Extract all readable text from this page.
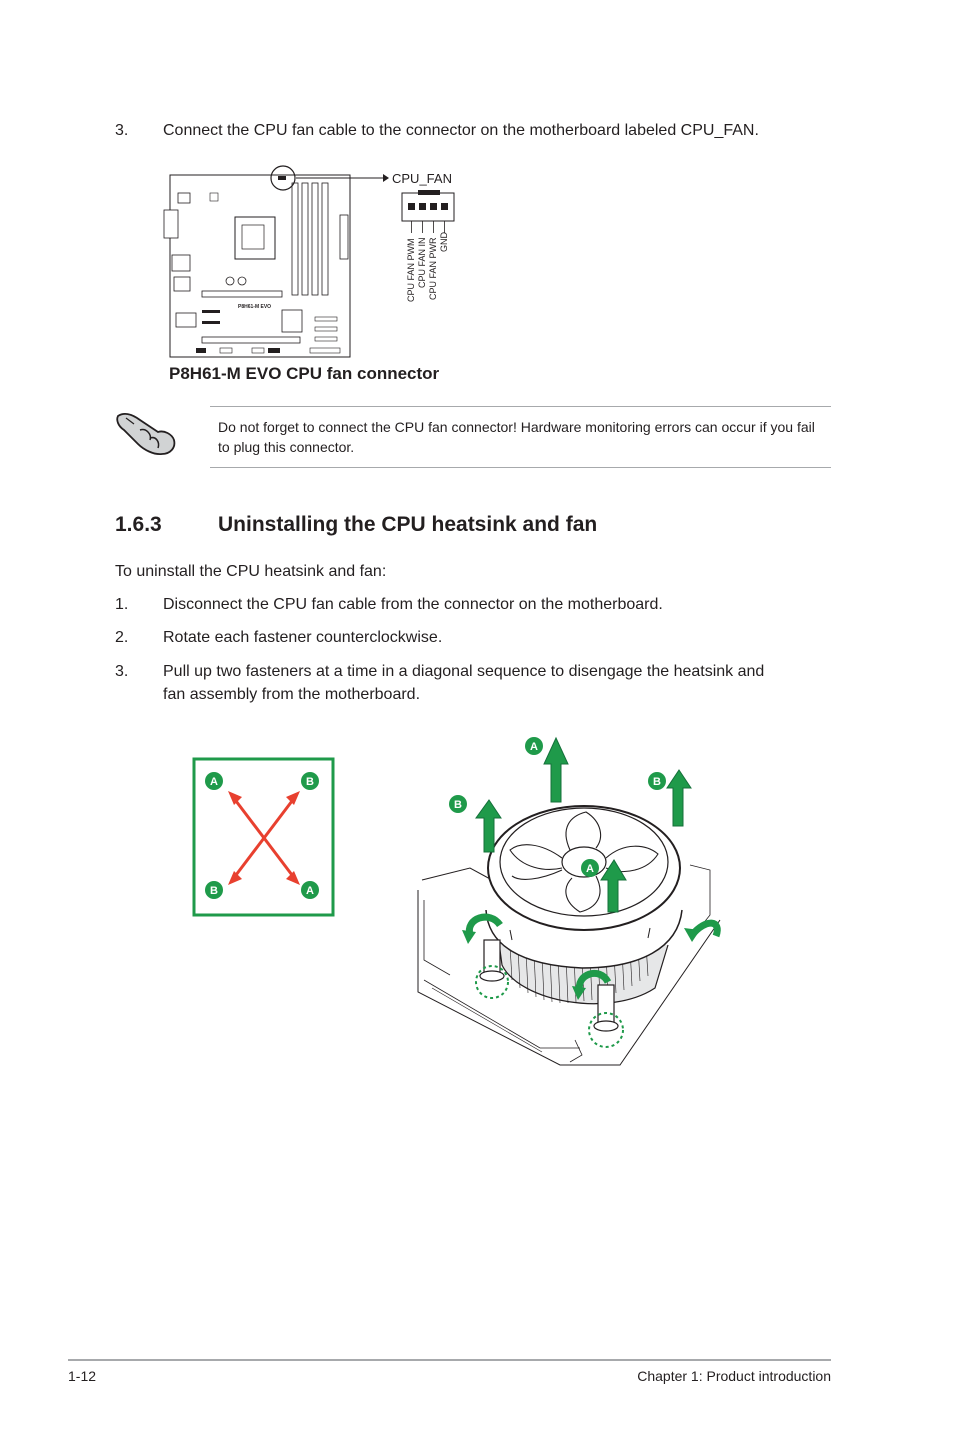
3.	Connect the CPU fan cable to the connector on the motherboard labeled CPU_FAN.
P8H61-M EVO
CPU_FAN
CPU FAN PWM CPU FAN IN CPU FAN PWR GND
P8H61-M EVO CPU fan connector
Do not forget to connect the CPU fan connector! Hardware monitoring errors can occur if you fail to plug this connector.
1.6.3	Uninstalling the CPU heatsink and fan
To uninstall the CPU heatsink and fan:
1.	Disconnect the CPU fan cable from the connector on the motherboard.
2.	Rotate each fastener counterclockwise.
3.	Pull up two fasteners at a time in a diagonal sequence to disengage the heatsink and
fan assembly from the motherboard.
A	B
B	A
A
B
B
A
1-12	Chapter 1: Product introduction
